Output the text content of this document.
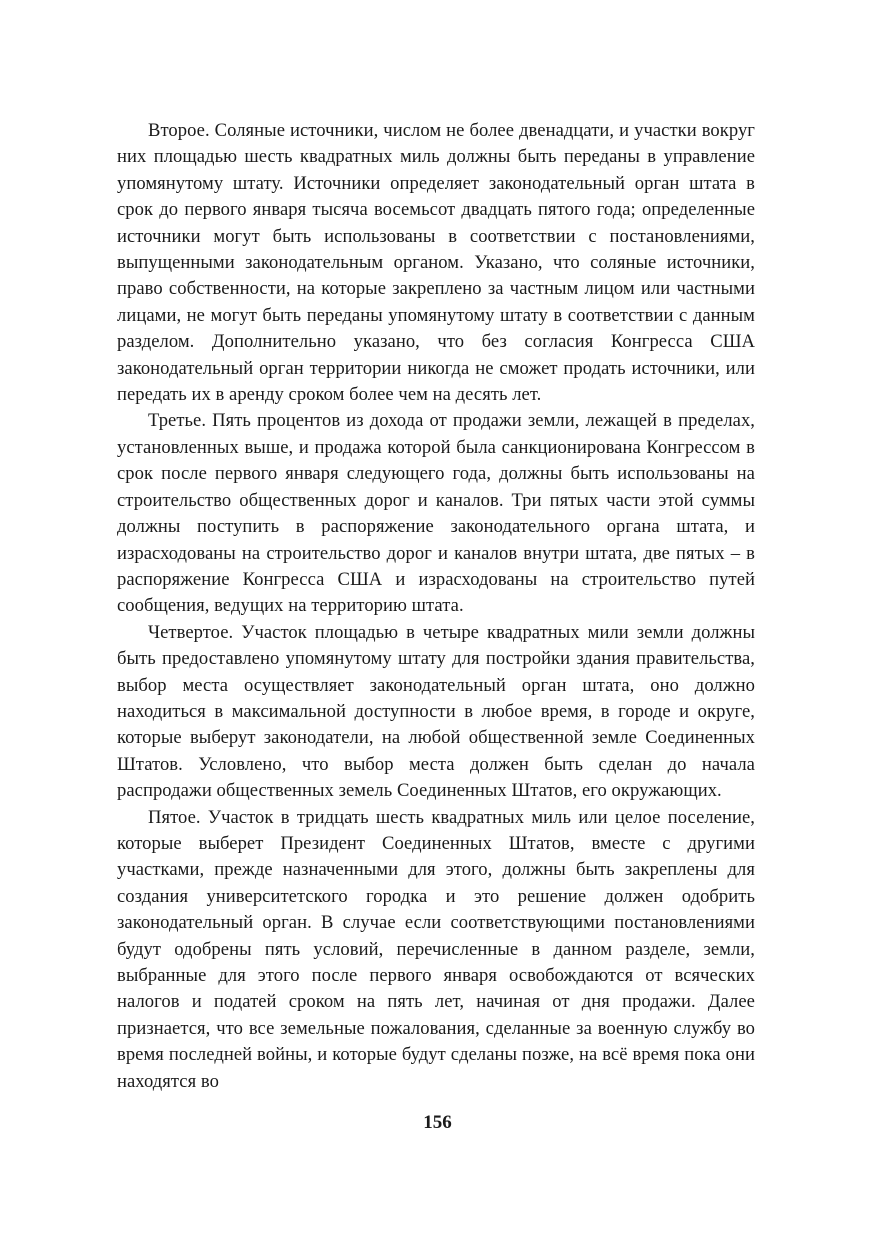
Второе. Соляные источники, числом не более двенадцати, и участки вокруг них площадью шесть квадратных миль должны быть переданы в управление упомянутому штату. Источники определяет законодательный орган штата в срок до первого января тысяча восемьсот двадцать пятого года; определенные источники могут быть использованы в соответствии с постановлениями, выпущенными законодательным органом. Указано, что соляные источники, право собственности, на которые закреплено за частным лицом или частными лицами, не могут быть переданы упомянутому штату в соответствии с данным разделом. Дополнительно указано, что без согласия Конгресса США законодательный орган территории никогда не сможет продать источники, или передать их в аренду сроком более чем на десять лет.

Третье. Пять процентов из дохода от продажи земли, лежащей в пределах, установленных выше, и продажа которой была санкционирована Конгрессом в срок после первого января следующего года, должны быть использованы на строительство общественных дорог и каналов. Три пятых части этой суммы должны поступить в распоряжение законодательного органа штата, и израсходованы на строительство дорог и каналов внутри штата, две пятых – в распоряжение Конгресса США и израсходованы на строительство путей сообщения, ведущих на территорию штата.

Четвертое. Участок площадью в четыре квадратных мили земли должны быть предоставлено упомянутому штату для постройки здания правительства, выбор места осуществляет законодательный орган штата, оно должно находиться в максимальной доступности в любое время, в городе и округе, которые выберут законодатели, на любой общественной земле Соединенных Штатов. Условлено, что выбор места должен быть сделан до начала распродажи общественных земель Соединенных Штатов, его окружающих.

Пятое. Участок в тридцать шесть квадратных миль или целое поселение, которые выберет Президент Соединенных Штатов, вместе с другими участками, прежде назначенными для этого, должны быть закреплены для создания университетского городка и это решение должен одобрить законодательный орган. В случае если соответствующими постановлениями будут одобрены пять условий, перечисленные в данном разделе, земли, выбранные для этого после первого января освобождаются от всяческих налогов и податей сроком на пять лет, начиная от дня продажи. Далее признается, что все земельные пожалования, сделанные за военную службу во время последней войны, и которые будут сделаны позже, на всё время пока они находятся во

156
